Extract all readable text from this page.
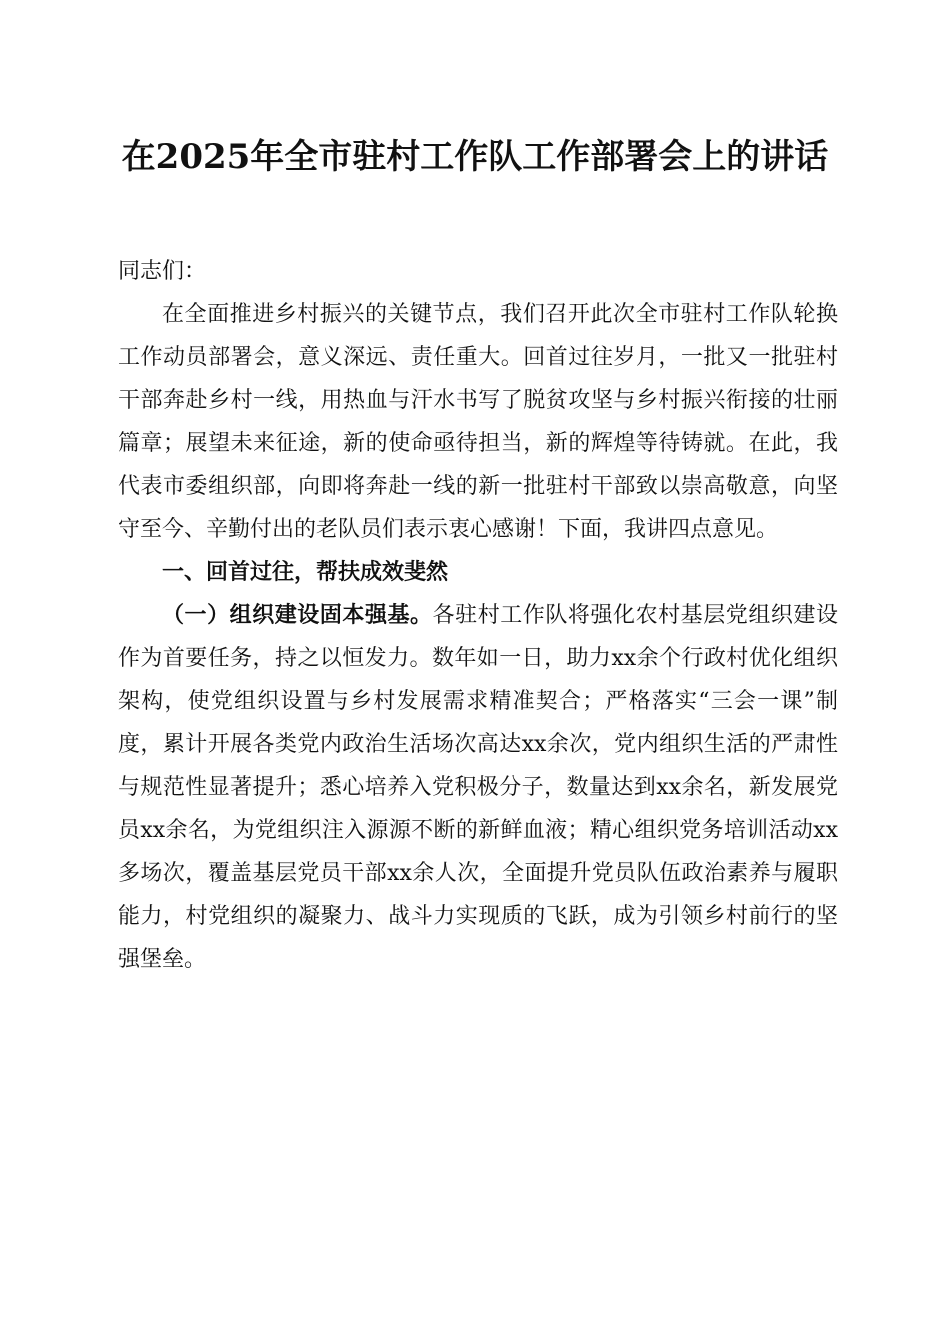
在2025年全市驻村工作队工作部署会上的讲话

同志们：

在全面推进乡村振兴的关键节点，我们召开此次全市驻村工作队轮换工作动员部署会，意义深远、责任重大。回首过往岁月，一批又一批驻村干部奔赴乡村一线，用热血与汗水书写了脱贫攻坚与乡村振兴衔接的壮丽篇章；展望未来征途，新的使命亟待担当，新的辉煌等待铸就。在此，我代表市委组织部，向即将奔赴一线的新一批驻村干部致以崇高敬意，向坚守至今、辛勤付出的老队员们表示衷心感谢！下面，我讲四点意见。

一、回首过往，帮扶成效斐然

（一）组织建设固本强基。各驻村工作队将强化农村基层党组织建设作为首要任务，持之以恒发力。数年如一日，助力xx余个行政村优化组织架构，使党组织设置与乡村发展需求精准契合；严格落实“三会一课”制度，累计开展各类党内政治生活场次高达xx余次，党内组织生活的严肃性与规范性显著提升；悉心培养入党积极分子，数量达到xx余名，新发展党员xx余名，为党组织注入源源不断的新鲜血液；精心组织党务培训活动xx多场次，覆盖基层党员干部xx余人次，全面提升党员队伍政治素养与履职能力，村党组织的凝聚力、战斗力实现质的飞跃，成为引领乡村前行的坚强堡垒。
